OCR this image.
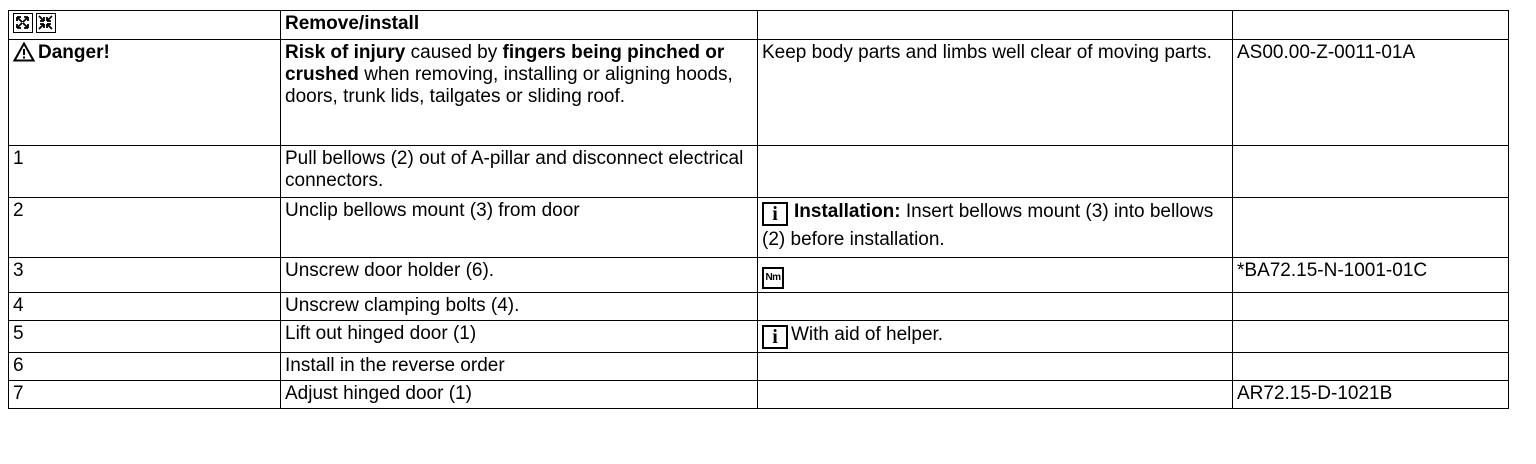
	Remove/install		
Danger!	Risk of injury caused by fingers being pinched or crushed when removing, installing or aligning hoods, doors, trunk lids, tailgates or sliding roof.	Keep body parts and limbs well clear of moving parts.	AS00.00-Z-0011-01A
1	Pull bellows (2) out of A-pillar and disconnect electrical connectors.		
2	Unclip bellows mount (3) from door	i Installation: Insert bellows mount (3) into bellows (2) before installation.	
3	Unscrew door holder (6).	Nm	*BA72.15-N-1001-01C
4	Unscrew clamping bolts (4).		
5	Lift out hinged door (1)	i With aid of helper.	
6	Install in the reverse order		
7	Adjust hinged door (1)		AR72.15-D-1021B
